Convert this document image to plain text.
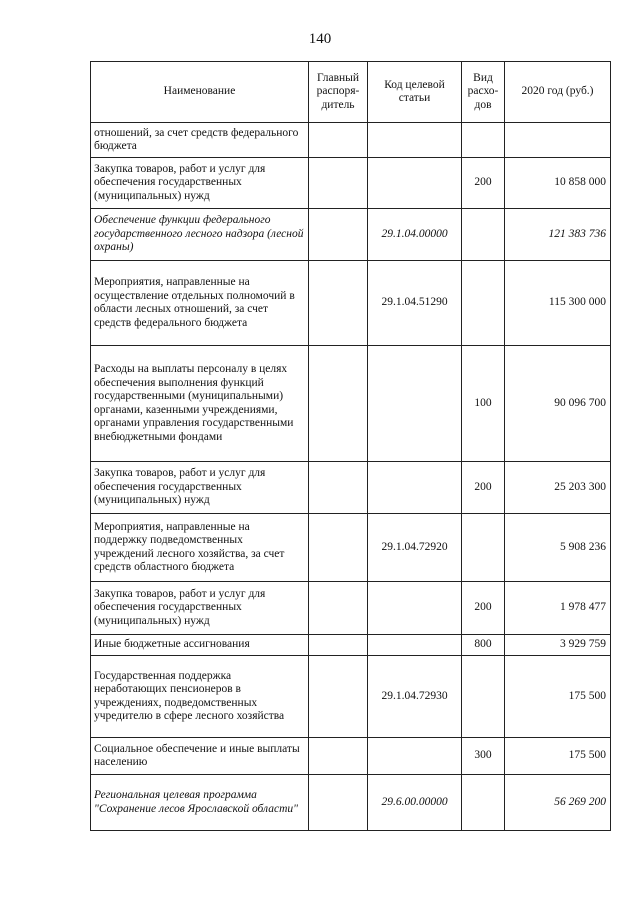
140
Наименование	Главный распоря-дитель	Код целевой статьи	Вид расхо-дов	2020 год (руб.)
отношений, за счет средств федерального бюджета				
Закупка товаров, работ и услуг для обеспечения государственных (муниципальных) нужд			200	10 858 000
Обеспечение функции федерального государственного лесного надзора (лесной охраны)		29.1.04.00000		121 383 736
Мероприятия, направленные на осуществление отдельных полномочий в области лесных отношений, за счет средств федерального бюджета		29.1.04.51290		115 300 000
Расходы на выплаты персоналу в целях обеспечения выполнения функций государственными (муниципальными) органами, казенными учреждениями, органами управления государственными внебюджетными фондами			100	90 096 700
Закупка товаров, работ и услуг для обеспечения государственных (муниципальных) нужд			200	25 203 300
Мероприятия, направленные на поддержку подведомственных учреждений лесного хозяйства, за счет средств областного бюджета		29.1.04.72920		5 908 236
Закупка товаров, работ и услуг для обеспечения государственных (муниципальных) нужд			200	1 978 477
Иные бюджетные ассигнования			800	3 929 759
Государственная поддержка неработающих пенсионеров в учреждениях, подведомственных учредителю в сфере лесного хозяйства		29.1.04.72930		175 500
Социальное обеспечение и иные выплаты населению			300	175 500
Региональная целевая программа "Сохранение лесов Ярославской области"		29.6.00.00000		56 269 200
